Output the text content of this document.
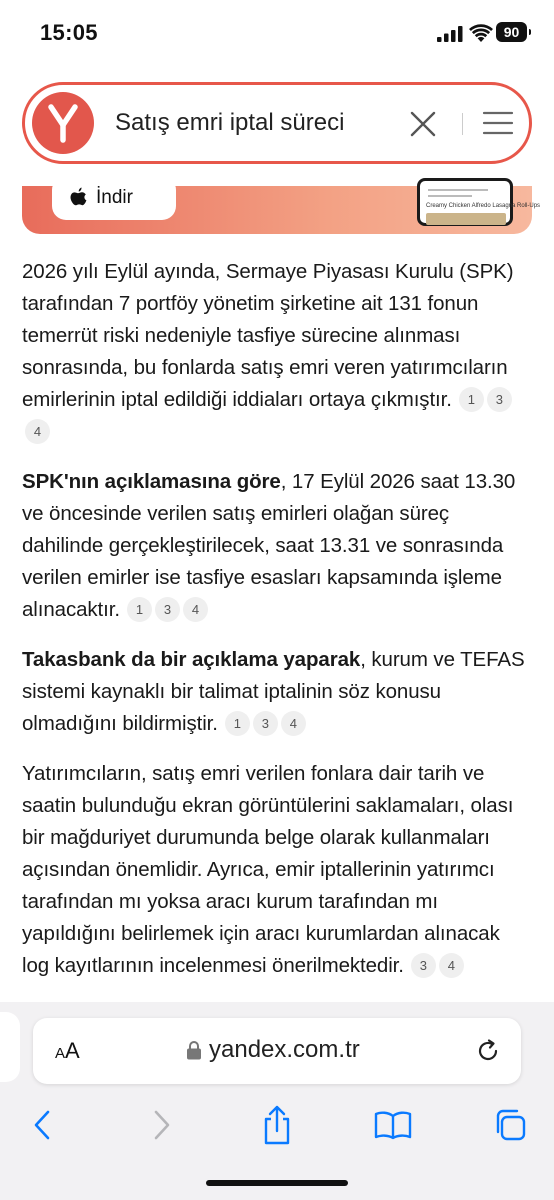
15:05	90
Satış emri iptal süreci
İndir	Creamy Chicken Alfredo Lasagna Roll-Ups

2026 yılı Eylül ayında, Sermaye Piyasası Kurulu (SPK) tarafından 7 portföy yönetim şirketine ait 131 fonun temerrüt riski nedeniyle tasfiye sürecine alınması sonrasında, bu fonlarda satış emri veren yatırımcıların emirlerinin iptal edildiği iddiaları ortaya çıkmıştır. 1 34

SPK'nın açıklamasına göre, 17 Eylül 2026 saat 13.30 ve öncesinde verilen satış emirleri olağan süreç dahilinde gerçekleştirilecek, saat 13.31 ve sonrasında verilen emirler ise tasfiye esasları kapsamında işleme alınacaktır. 1 3 4

Takasbank da bir açıklama yaparak, kurum ve TEFAS sistemi kaynaklı bir talimat iptalinin söz konusu olmadığını bildirmiştir. 1 3 4

Yatırımcıların, satış emri verilen fonlara dair tarih ve saatin bulunduğu ekran görüntülerini saklamaları, olası bir mağduriyet durumunda belge olarak kullanmaları açısından önemlidir. Ayrıca, emir iptallerinin yatırımcı tarafından mı yoksa aracı kurum tarafından mı yapıldığını belirlemek için aracı kurumlardan alınacak log kayıtlarının incelenmesi önerilmektedir. 3 4

AA	yandex.com.tr
